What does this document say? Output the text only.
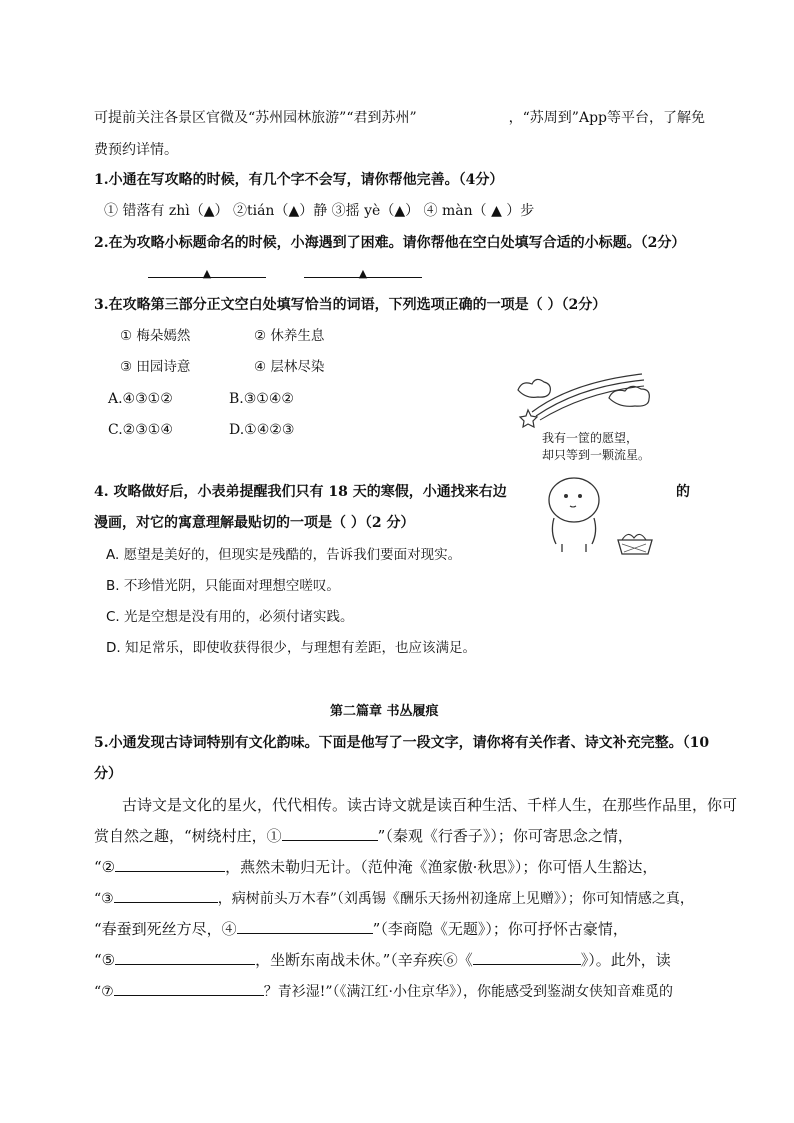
可提前关注各景区官微及“苏州园林旅游”“君到苏州”	，“苏周到”App等平台，了解免
费预约详情。
1.小通在写攻略的时候，有几个字不会写，请你帮他完善。（4分）
① 错落有 zhì（▲） ②tián（▲）静 ③摇 yè（▲） ④ màn（ ▲ ）步
2.在为攻略小标题命名的时候，小海遇到了困难。请你帮他在空白处填写合适的小标题。（2分）
▲	▲
3.在攻略第三部分正文空白处填写恰当的词语，下列选项正确的一项是（ ）（2分）
① 梅朵嫣然	② 休养生息
③ 田园诗意	④ 层林尽染
A.④③①②	B.③①④②
C.②③①④	D.①④②③	我有一筐的愿望，
却只等到一颗流星。
4. 攻略做好后，小表弟提醒我们只有 18 天的寒假，小通找来右边	的
漫画，对它的寓意理解最贴切的一项是（ ）（2 分）
A. 愿望是美好的，但现实是残酷的，告诉我们要面对现实。
B. 不珍惜光阴，只能面对理想空嗟叹。
C. 光是空想是没有用的，必须付诸实践。
D. 知足常乐，即使收获得很少，与理想有差距，也应该满足。
第二篇章 书丛履痕
5.小通发现古诗词特别有文化韵味。下面是他写了一段文字，请你将有关作者、诗文补充完整。（10
分）
古诗文是文化的星火，代代相传。读古诗文就是读百种生活、千样人生，在那些作品里，你可
赏自然之趣，“树绕村庄，①	”（秦观《行香子》）；你可寄思念之情，
“②	，燕然未勒归无计。（范仲淹《渔家傲·秋思》）；你可悟人生豁达，
“③	，病树前头万木春”（刘禹锡《酬乐天扬州初逢席上见赠》）；你可知情感之真，
“春蚕到死丝方尽，④	”（李商隐《无题》）；你可抒怀古豪情，
“⑤	，坐断东南战未休。”（辛弃疾⑥《	》）。此外，读
“⑦	？青衫湿!”（《满江红·小住京华》），你能感受到鉴湖女侠知音难觅的
